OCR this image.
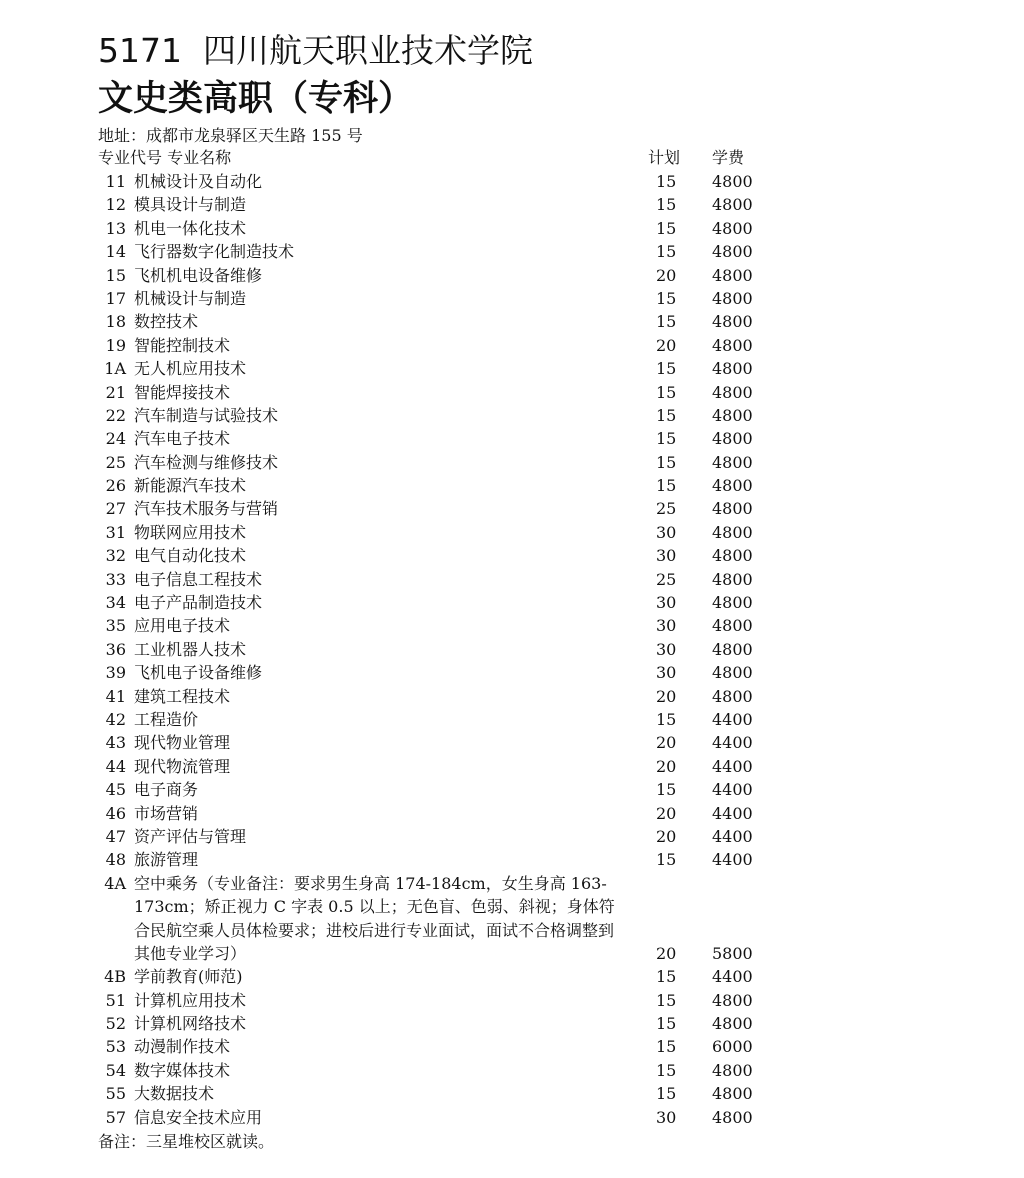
5171 四川航天职业技术学院
文史类高职（专科）
地址：成都市龙泉驿区天生路 155 号
专业代号 专业名称	计划 学费
11 机械设计及自动化	15 4800
12 模具设计与制造	15 4800
13 机电一体化技术	15 4800
14 飞行器数字化制造技术	15 4800
15 飞机机电设备维修	20 4800
17 机械设计与制造	15 4800
18 数控技术	15 4800
19 智能控制技术	20 4800
1A 无人机应用技术	15 4800
21 智能焊接技术	15 4800
22 汽车制造与试验技术	15 4800
24 汽车电子技术	15 4800
25 汽车检测与维修技术	15 4800
26 新能源汽车技术	15 4800
27 汽车技术服务与营销	25 4800
31 物联网应用技术	30 4800
32 电气自动化技术	30 4800
33 电子信息工程技术	25 4800
34 电子产品制造技术	30 4800
35 应用电子技术	30 4800
36 工业机器人技术	30 4800
39 飞机电子设备维修	30 4800
41 建筑工程技术	20 4800
42 工程造价	15 4400
43 现代物业管理	20 4400
44 现代物流管理	20 4400
45 电子商务	15 4400
46 市场营销	20 4400
47 资产评估与管理	20 4400
48 旅游管理	15 4400
4A 空中乘务（专业备注：要求男生身高 174-184cm，女生身高 163-173cm；矫正视力 C 字表 0.5 以上；无色盲、色弱、斜视；身体符合民航空乘人员体检要求；进校后进行专业面试，面试不合格调整到其他专业学习）	20 5800
4B 学前教育(师范)	15 4400
51 计算机应用技术	15 4800
52 计算机网络技术	15 4800
53 动漫制作技术	15 6000
54 数字媒体技术	15 4800
55 大数据技术	15 4800
57 信息安全技术应用	30 4800
备注：三星堆校区就读。
